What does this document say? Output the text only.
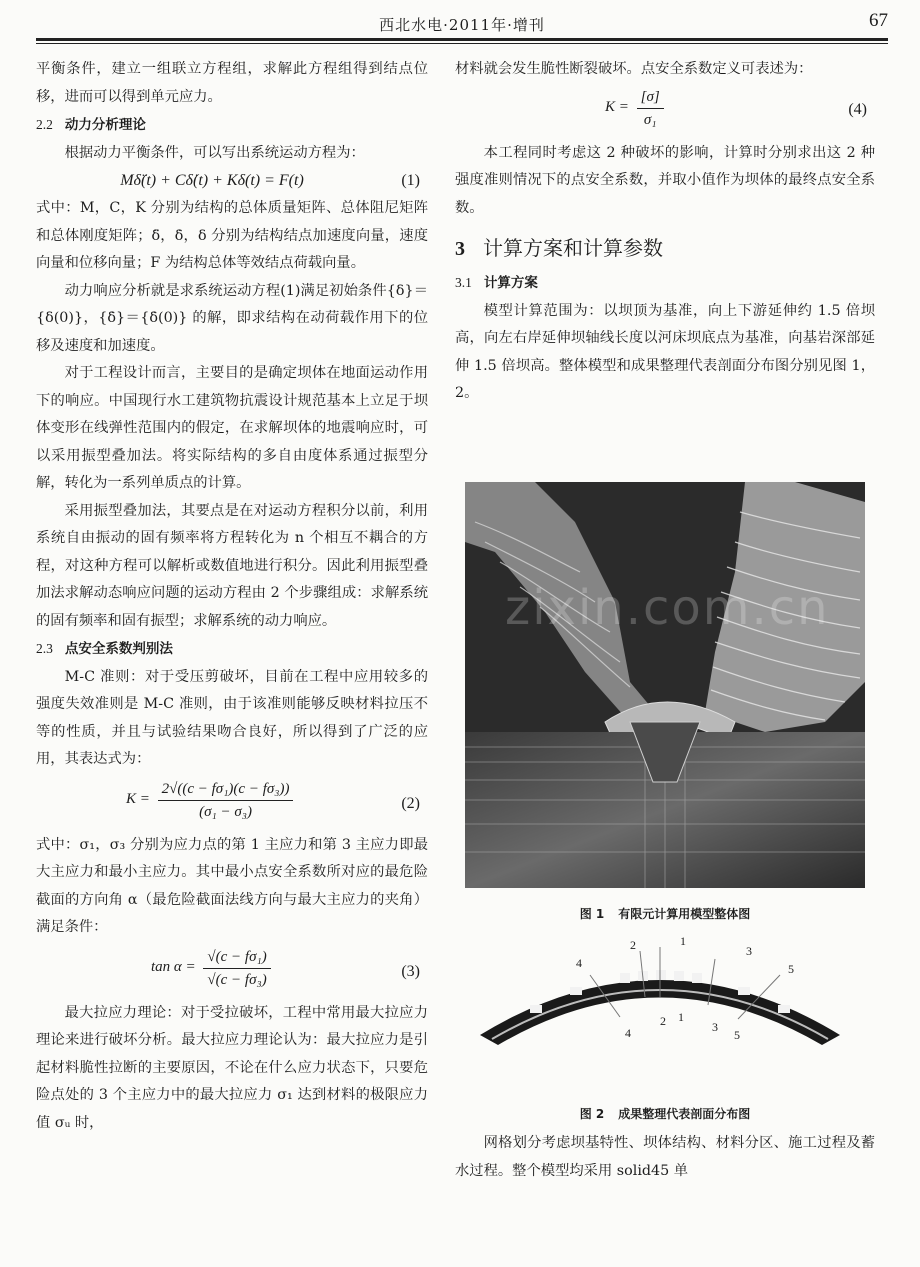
西北水电·2011年·增刊	67

平衡条件，建立一组联立方程组，求解此方程组得到结点位移，进而可以得到单元应力。

2.2 动力分析理论

根据动力平衡条件，可以写出系统运动方程为：

Mδ̈(t) + Cδ̇(t) + Kδ(t) = F(t)	(1)

式中：M，C，K 分别为结构的总体质量矩阵、总体阻尼矩阵和总体刚度矩阵；δ̈，δ̇，δ 分别为结构结点加速度向量，速度向量和位移向量；F 为结构总体等效结点荷载向量。

动力响应分析就是求系统运动方程(1)满足初始条件{δ}＝{δ(0)}，{δ̇}＝{δ̇(0)} 的解，即求结构在动荷载作用下的位移及速度和加速度。

对于工程设计而言，主要目的是确定坝体在地面运动作用下的响应。中国现行水工建筑物抗震设计规范基本上立足于坝体变形在线弹性范围内的假定，在求解坝体的地震响应时，可以采用振型叠加法。将实际结构的多自由度体系通过振型分解，转化为一系列单质点的计算。

采用振型叠加法，其要点是在对运动方程积分以前，利用系统自由振动的固有频率将方程转化为 n 个相互不耦合的方程，对这种方程可以解析或数值地进行积分。因此利用振型叠加法求解动态响应问题的运动方程由 2 个步骤组成：求解系统的固有频率和固有振型；求解系统的动力响应。

2.3 点安全系数判别法

M-C 准则：对于受压剪破坏，目前在工程中应用较多的强度失效准则是 M-C 准则，由于该准则能够反映材料拉压不等的性质，并且与试验结果吻合良好，所以得到了广泛的应用，其表达式为：

$K = \frac{\text{2√((c − fσ₁)(c − fσ₃))}}{\text{(σ₁ − σ₃)}}$	(2)

式中：σ₁，σ₃ 分别为应力点的第 1 主应力和第 3 主应力即最大主应力和最小主应力。其中最小点安全系数所对应的最危险截面的方向角 α（最危险截面法线方向与最大主应力的夹角）满足条件：

$\tan \alpha = \frac{\text{√(c − fσ₁)}}{\text{√(c − fσ₃)}}$	(3)

最大拉应力理论：对于受拉破坏，工程中常用最大拉应力理论来进行破坏分析。最大拉应力理论认为：最大拉应力是引起材料脆性拉断的主要原因，不论在什么应力状态下，只要危险点处的 3 个主应力中的最大拉应力 σ₁ 达到材料的极限应力值 σᵤ 时，

材料就会发生脆性断裂破坏。点安全系数定义可表述为：

$K = \frac{[\sigma]}{\text{σ₁}}$	(4)

本工程同时考虑这 2 种破坏的影响，计算时分别求出这 2 种强度准则情况下的点安全系数，并取小值作为坝体的最终点安全系数。

3 计算方案和计算参数
3.1 计算方案

模型计算范围为：以坝顶为基准，向上下游延伸约 1.5 倍坝高，向左右岸延伸坝轴线长度以河床坝底点为基准，向基岩深部延伸 1.5 倍坝高。整体模型和成果整理代表剖面分布图分别见图 1，2。

zixin.com.cn
图 1 有限元计算用模型整体图
1
2	3
4	5
2 1
3
4	5
图 2 成果整理代表剖面分布图

网格划分考虑坝基特性、坝体结构、材料分区、施工过程及蓄水过程。整个模型均采用 solid45 单
